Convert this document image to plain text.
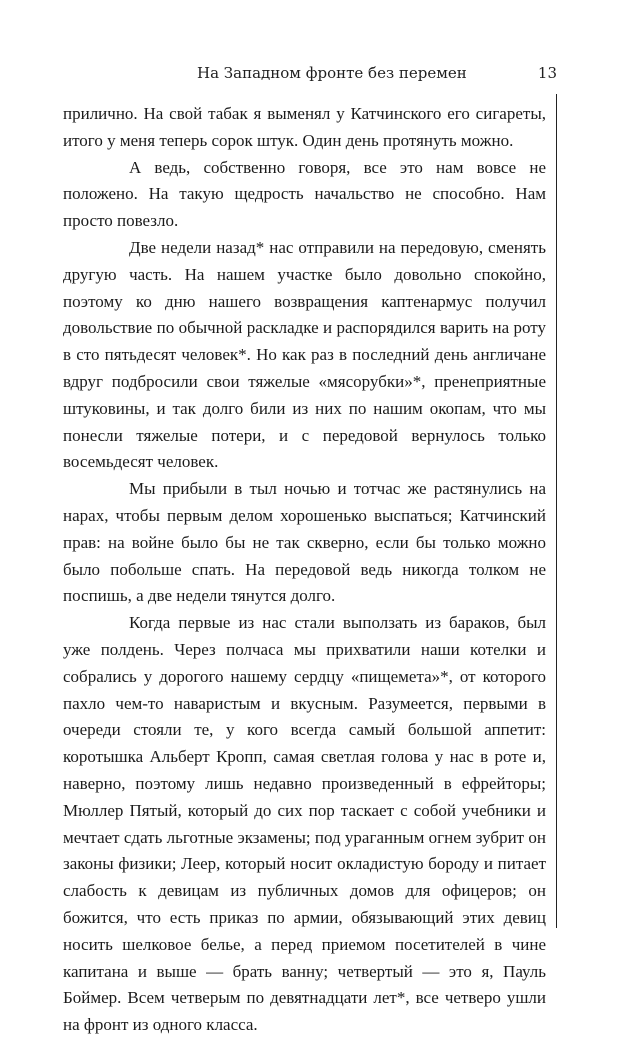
На Западном фронте без перемен	13

прилично. На свой табак я выменял у Катчинского его сигареты, итого у меня теперь сорок штук. Один день протянуть можно.

А ведь, собственно говоря, все это нам вовсе не положено. На такую щедрость начальство не способно. Нам просто повезло.

Две недели назад* нас отправили на передовую, сменять другую часть. На нашем участке было довольно спокойно, поэтому ко дню нашего возвращения каптенармус получил довольствие по обычной раскладке и распорядился варить на роту в сто пятьдесят человек*. Но как раз в последний день англичане вдруг подбросили свои тяжелые «мясорубки»*, пренеприятные штуковины, и так долго били из них по нашим окопам, что мы понесли тяжелые потери, и с передовой вернулось только восемьдесят человек.

Мы прибыли в тыл ночью и тотчас же растянулись на нарах, чтобы первым делом хорошенько выспаться; Катчинский прав: на войне было бы не так скверно, если бы только можно было побольше спать. На передовой ведь никогда толком не поспишь, а две недели тянутся долго.

Когда первые из нас стали выползать из бараков, был уже полдень. Через полчаса мы прихватили наши котелки и собрались у дорогого нашему сердцу «пищемета»*, от которого пахло чем-то наваристым и вкусным. Разумеется, первыми в очереди стояли те, у кого всегда самый большой аппетит: коротышка Альберт Кропп, самая светлая голова у нас в роте и, наверно, поэтому лишь недавно произведенный в ефрейторы; Мюллер Пятый, который до сих пор таскает с собой учебники и мечтает сдать льготные экзамены; под ураганным огнем зубрит он законы физики; Леер, который носит окладистую бороду и питает слабость к девицам из публичных домов для офицеров; он божится, что есть приказ по армии, обязывающий этих девиц носить шелковое белье, а перед приемом посетителей в чине капитана и выше — брать ванну; четвертый — это я, Пауль Боймер. Всем четверым по девятнадцати лет*, все четверо ушли на фронт из одного класса.
